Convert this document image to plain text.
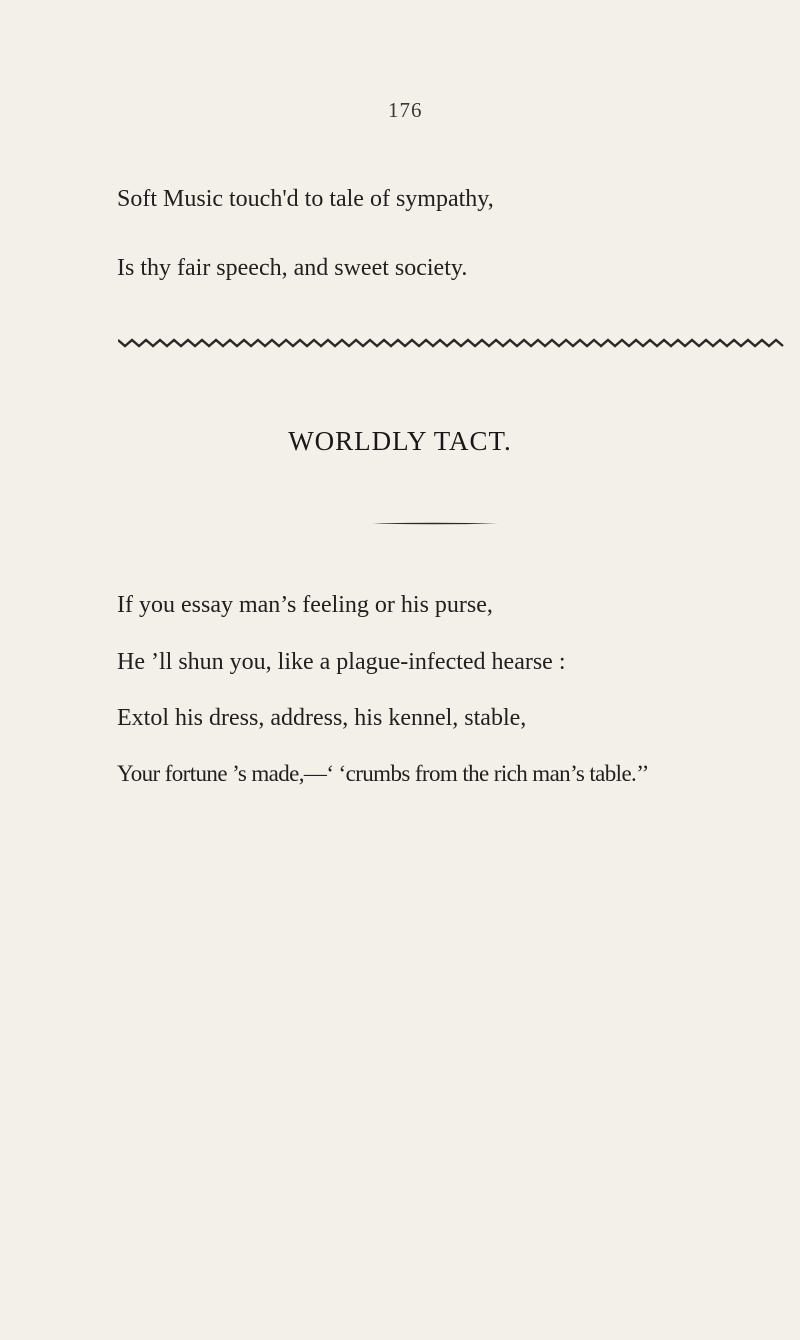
176
Soft Music touch'd to tale of sympathy,
Is thy fair speech, and sweet society.
WORLDLY TACT.
If you essay man’s feeling or his purse,
He ’ll shun you, like a plague-infected hearse :
Extol his dress, address, his kennel, stable,
Your fortune ’s made,—‘ ‘crumbs from the rich man’s table.’’
